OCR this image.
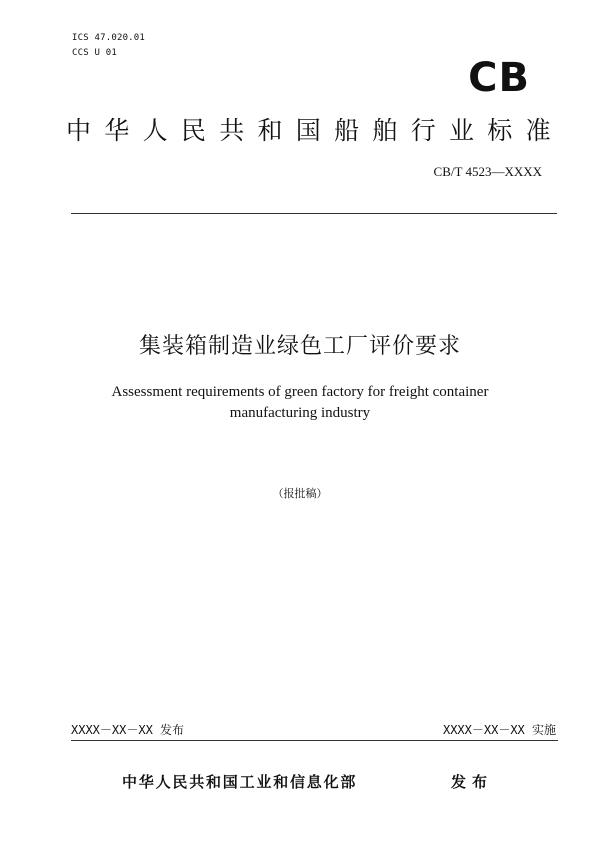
ICS 47.020.01
CCS U 01
CB
中华人民共和国船舶行业标准
CB/T 4523—XXXX
集装箱制造业绿色工厂评价要求
Assessment requirements of green factory for freight container manufacturing industry
（报批稿）
XXXX－XX－XX 发布	XXXX－XX－XX 实施
中华人民共和国工业和信息化部	发布
